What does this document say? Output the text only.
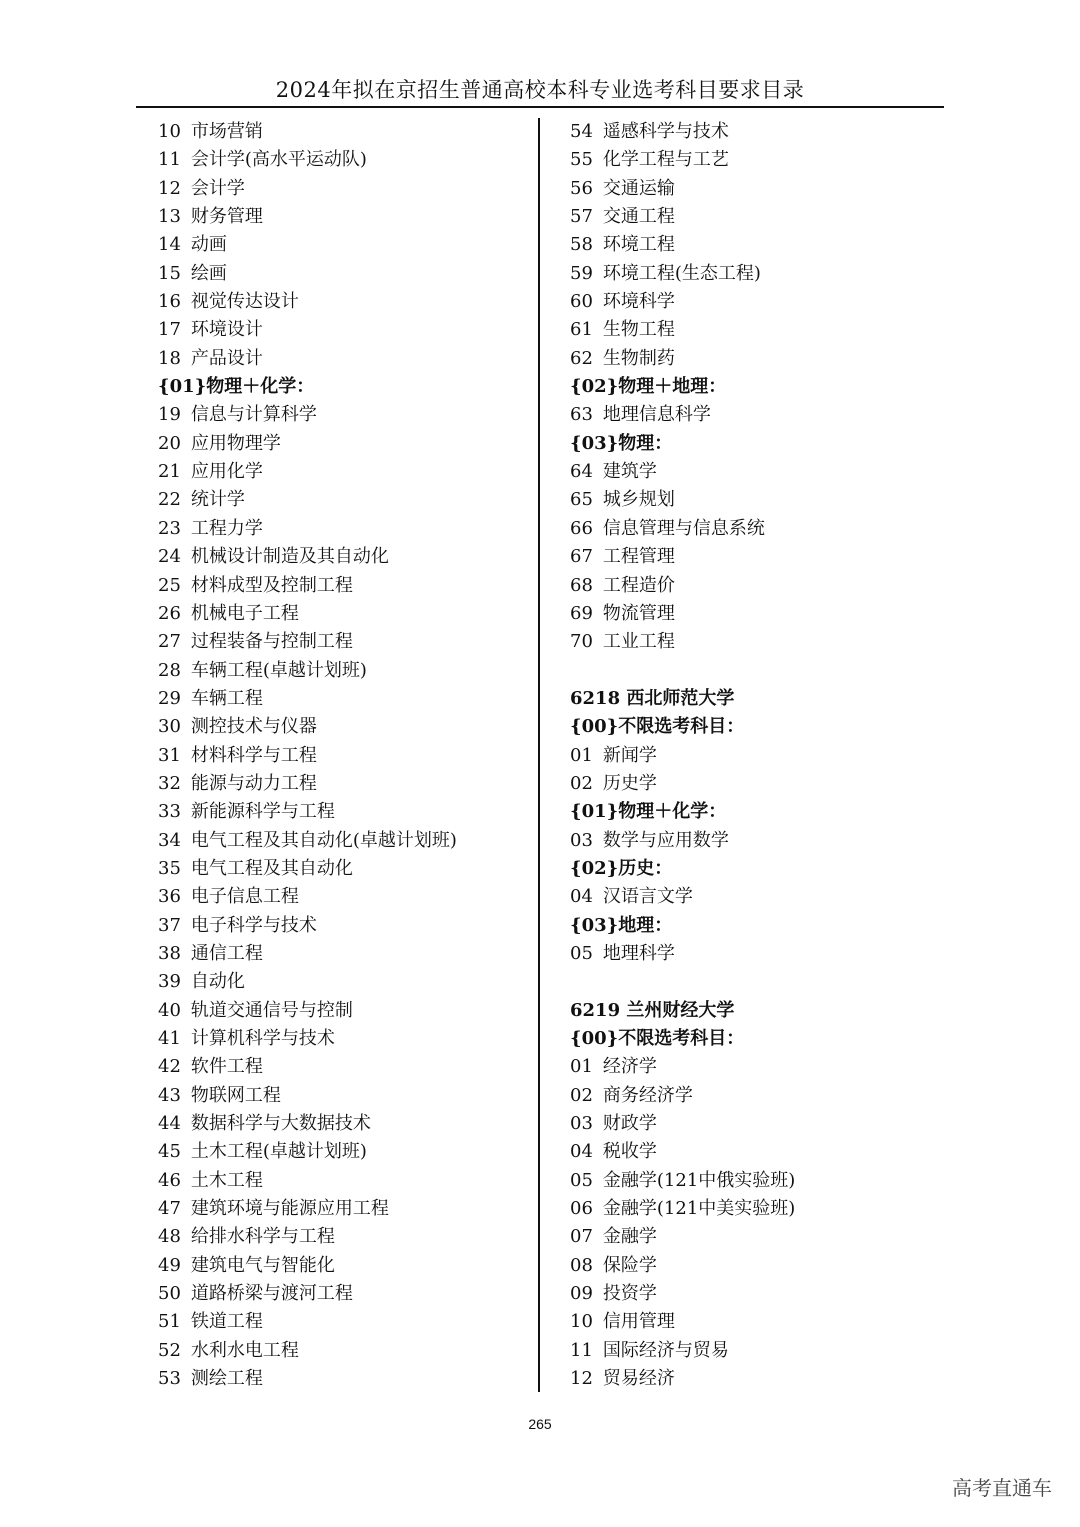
2024年拟在京招生普通高校本科专业选考科目要求目录
10 市场营销
11 会计学(高水平运动队)
12 会计学
13 财务管理
14 动画
15 绘画
16 视觉传达设计
17 环境设计
18 产品设计
{01}物理＋化学：
19 信息与计算科学
20 应用物理学
21 应用化学
22 统计学
23 工程力学
24 机械设计制造及其自动化
25 材料成型及控制工程
26 机械电子工程
27 过程装备与控制工程
28 车辆工程(卓越计划班)
29 车辆工程
30 测控技术与仪器
31 材料科学与工程
32 能源与动力工程
33 新能源科学与工程
34 电气工程及其自动化(卓越计划班)
35 电气工程及其自动化
36 电子信息工程
37 电子科学与技术
38 通信工程
39 自动化
40 轨道交通信号与控制
41 计算机科学与技术
42 软件工程
43 物联网工程
44 数据科学与大数据技术
45 土木工程(卓越计划班)
46 土木工程
47 建筑环境与能源应用工程
48 给排水科学与工程
49 建筑电气与智能化
50 道路桥梁与渡河工程
51 铁道工程
52 水利水电工程
53 测绘工程
54 遥感科学与技术
55 化学工程与工艺
56 交通运输
57 交通工程
58 环境工程
59 环境工程(生态工程)
60 环境科学
61 生物工程
62 生物制药
{02}物理＋地理：
63 地理信息科学
{03}物理：
64 建筑学
65 城乡规划
66 信息管理与信息系统
67 工程管理
68 工程造价
69 物流管理
70 工业工程
6218 西北师范大学
{00}不限选考科目：
01 新闻学
02 历史学
{01}物理＋化学：
03 数学与应用数学
{02}历史：
04 汉语言文学
{03}地理：
05 地理科学
6219 兰州财经大学
{00}不限选考科目：
01 经济学
02 商务经济学
03 财政学
04 税收学
05 金融学(121中俄实验班)
06 金融学(121中美实验班)
07 金融学
08 保险学
09 投资学
10 信用管理
11 国际经济与贸易
12 贸易经济
265
高考直通车
